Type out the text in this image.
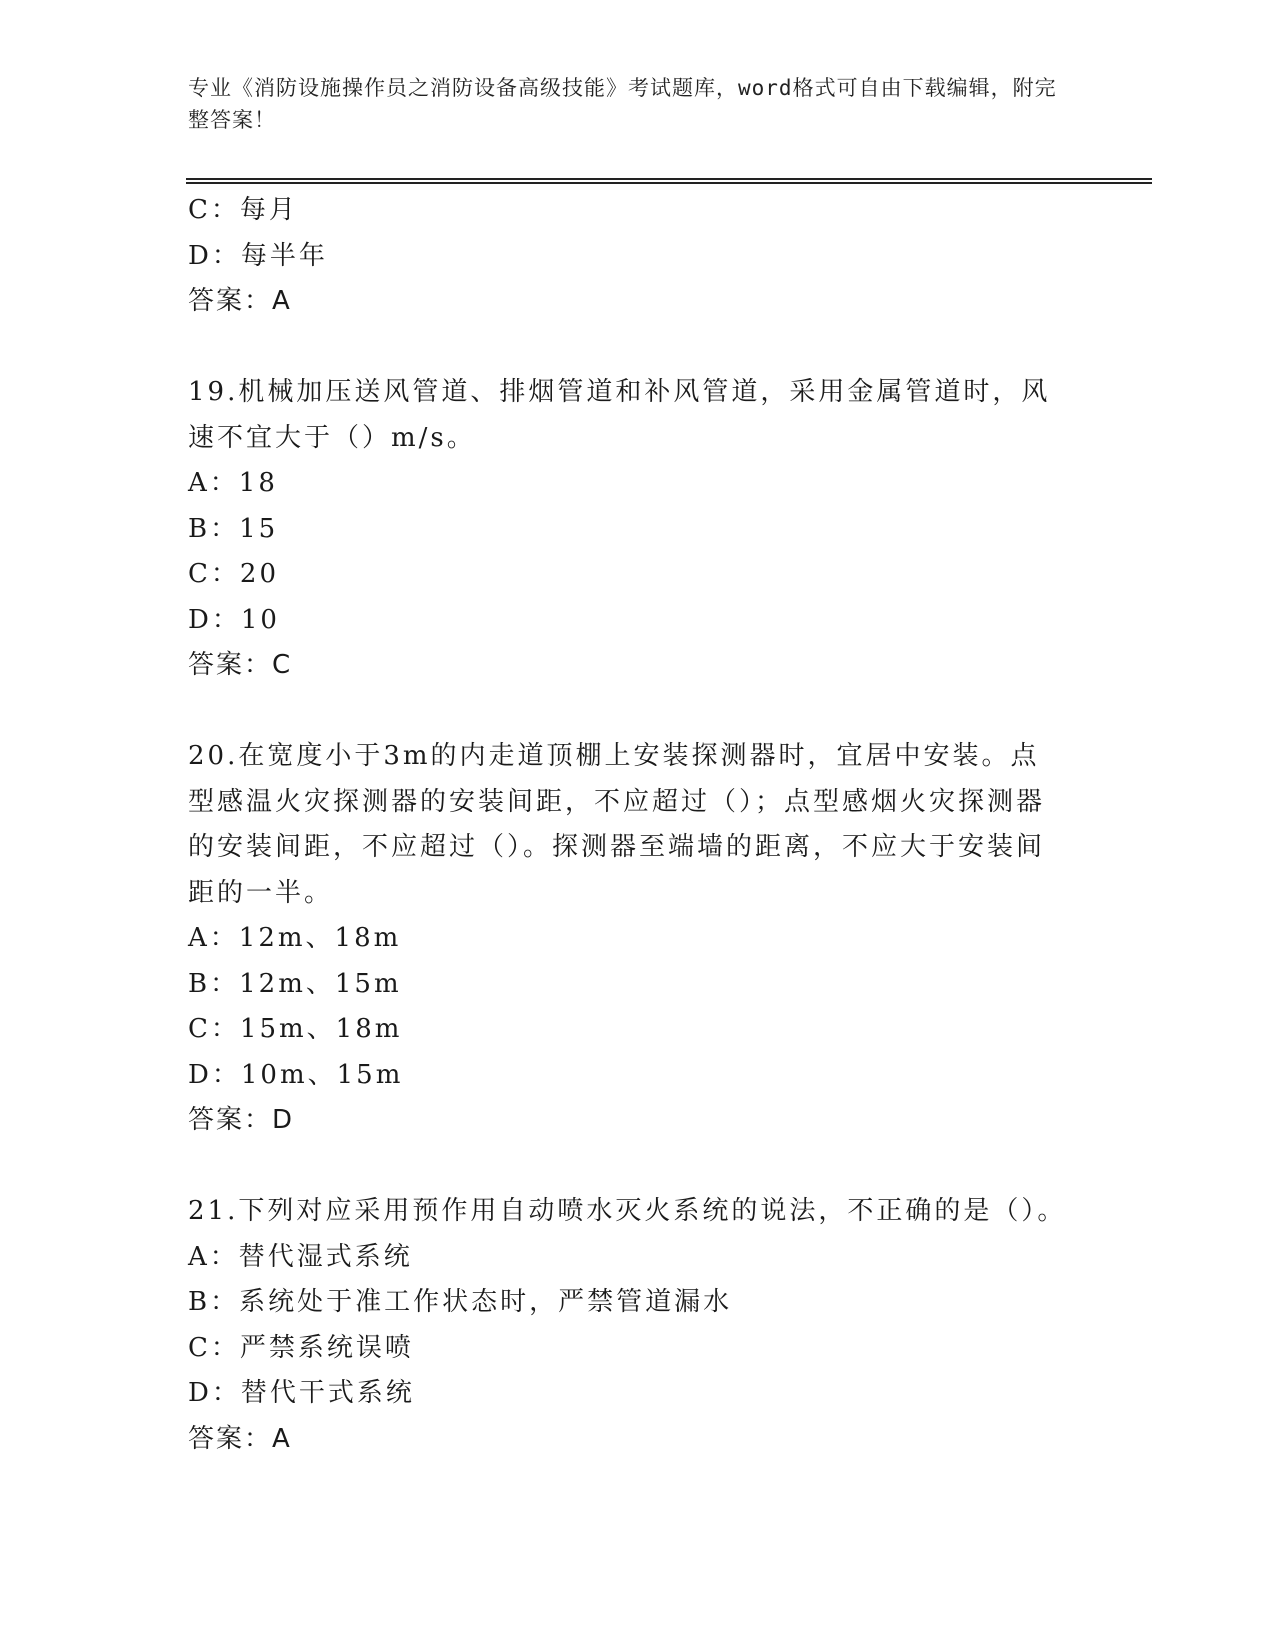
专业《消防设施操作员之消防设备高级技能》考试题库，word格式可自由下载编辑，附完整答案！
C：每月
D：每半年
答案：A
19.机械加压送风管道、排烟管道和补风管道，采用金属管道时，风速不宜大于（）m/s。
A：18
B：15
C：20
D：10
答案：C
20.在宽度小于3m的内走道顶棚上安装探测器时，宜居中安装。点型感温火灾探测器的安装间距，不应超过（）；点型感烟火灾探测器的安装间距，不应超过（）。探测器至端墙的距离，不应大于安装间距的一半。
A：12m、18m
B：12m、15m
C：15m、18m
D：10m、15m
答案：D
21.下列对应采用预作用自动喷水灭火系统的说法，不正确的是（）。
A：替代湿式系统
B：系统处于准工作状态时，严禁管道漏水
C：严禁系统误喷
D：替代干式系统
答案：A
